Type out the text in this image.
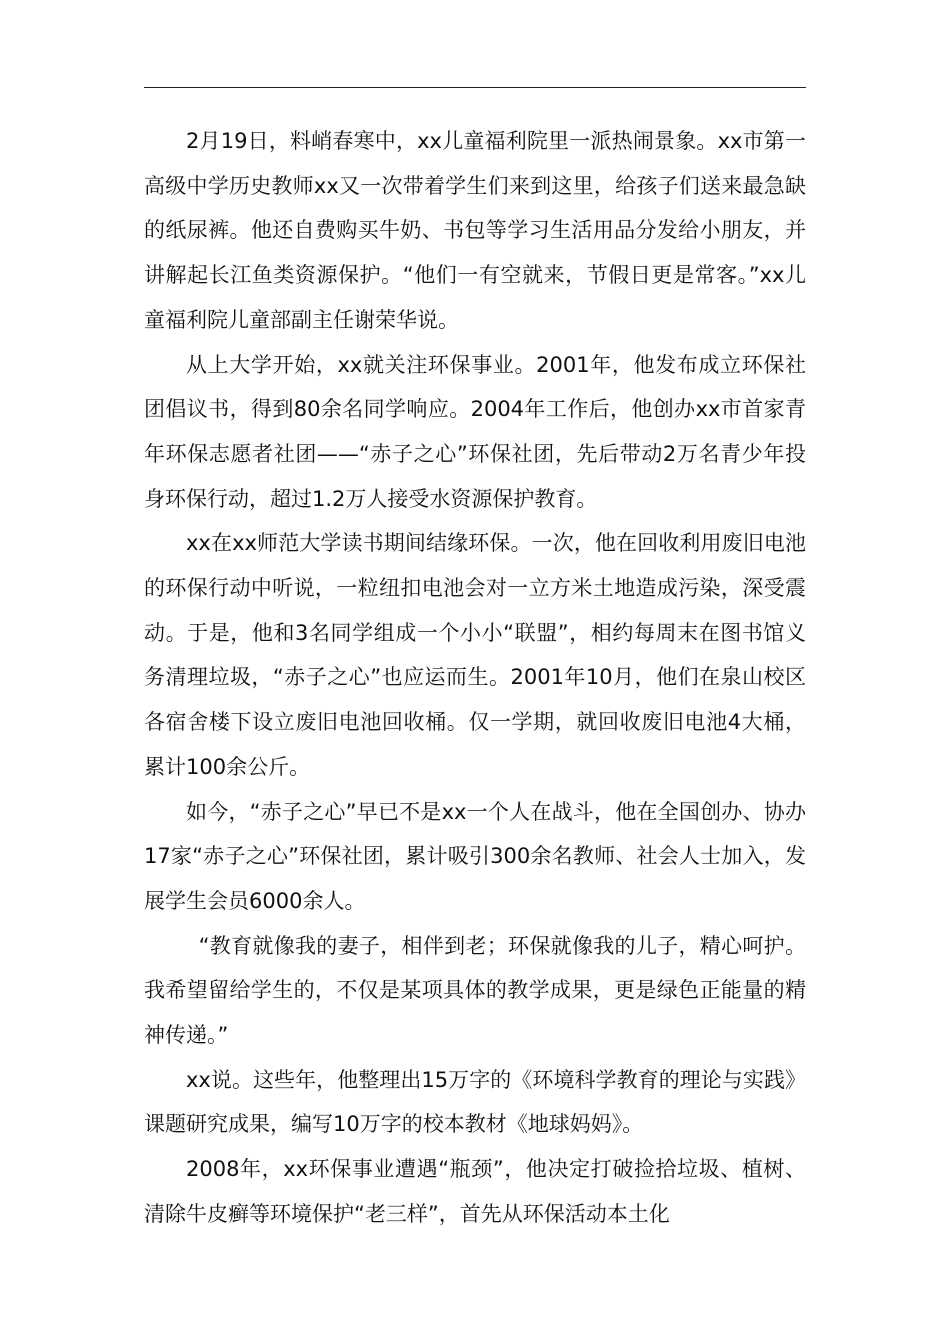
2月19日，料峭春寒中，xx儿童福利院里一派热闹景象。xx市第一高级中学历史教师xx又一次带着学生们来到这里，给孩子们送来最急缺的纸尿裤。他还自费购买牛奶、书包等学习生活用品分发给小朋友，并讲解起长江鱼类资源保护。“他们一有空就来，节假日更是常客。”xx儿童福利院儿童部副主任谢荣华说。

从上大学开始，xx就关注环保事业。2001年，他发布成立环保社团倡议书，得到80余名同学响应。2004年工作后，他创办xx市首家青年环保志愿者社团——“赤子之心”环保社团，先后带动2万名青少年投身环保行动，超过1.2万人接受水资源保护教育。

xx在xx师范大学读书期间结缘环保。一次，他在回收利用废旧电池的环保行动中听说，一粒纽扣电池会对一立方米土地造成污染，深受震动。于是，他和3名同学组成一个小小“联盟”，相约每周末在图书馆义务清理垃圾，“赤子之心”也应运而生。2001年10月，他们在泉山校区各宿舍楼下设立废旧电池回收桶。仅一学期，就回收废旧电池4大桶，累计100余公斤。

如今，“赤子之心”早已不是xx一个人在战斗，他在全国创办、协办17家“赤子之心”环保社团，累计吸引300余名教师、社会人士加入，发展学生会员6000余人。

“教育就像我的妻子，相伴到老；环保就像我的儿子，精心呵护。我希望留给学生的，不仅是某项具体的教学成果，更是绿色正能量的精神传递。”

xx说。这些年，他整理出15万字的《环境科学教育的理论与实践》课题研究成果，编写10万字的校本教材《地球妈妈》。

2008年，xx环保事业遭遇“瓶颈”，他决定打破捡拾垃圾、植树、清除牛皮癣等环境保护“老三样”，首先从环保活动本土化
